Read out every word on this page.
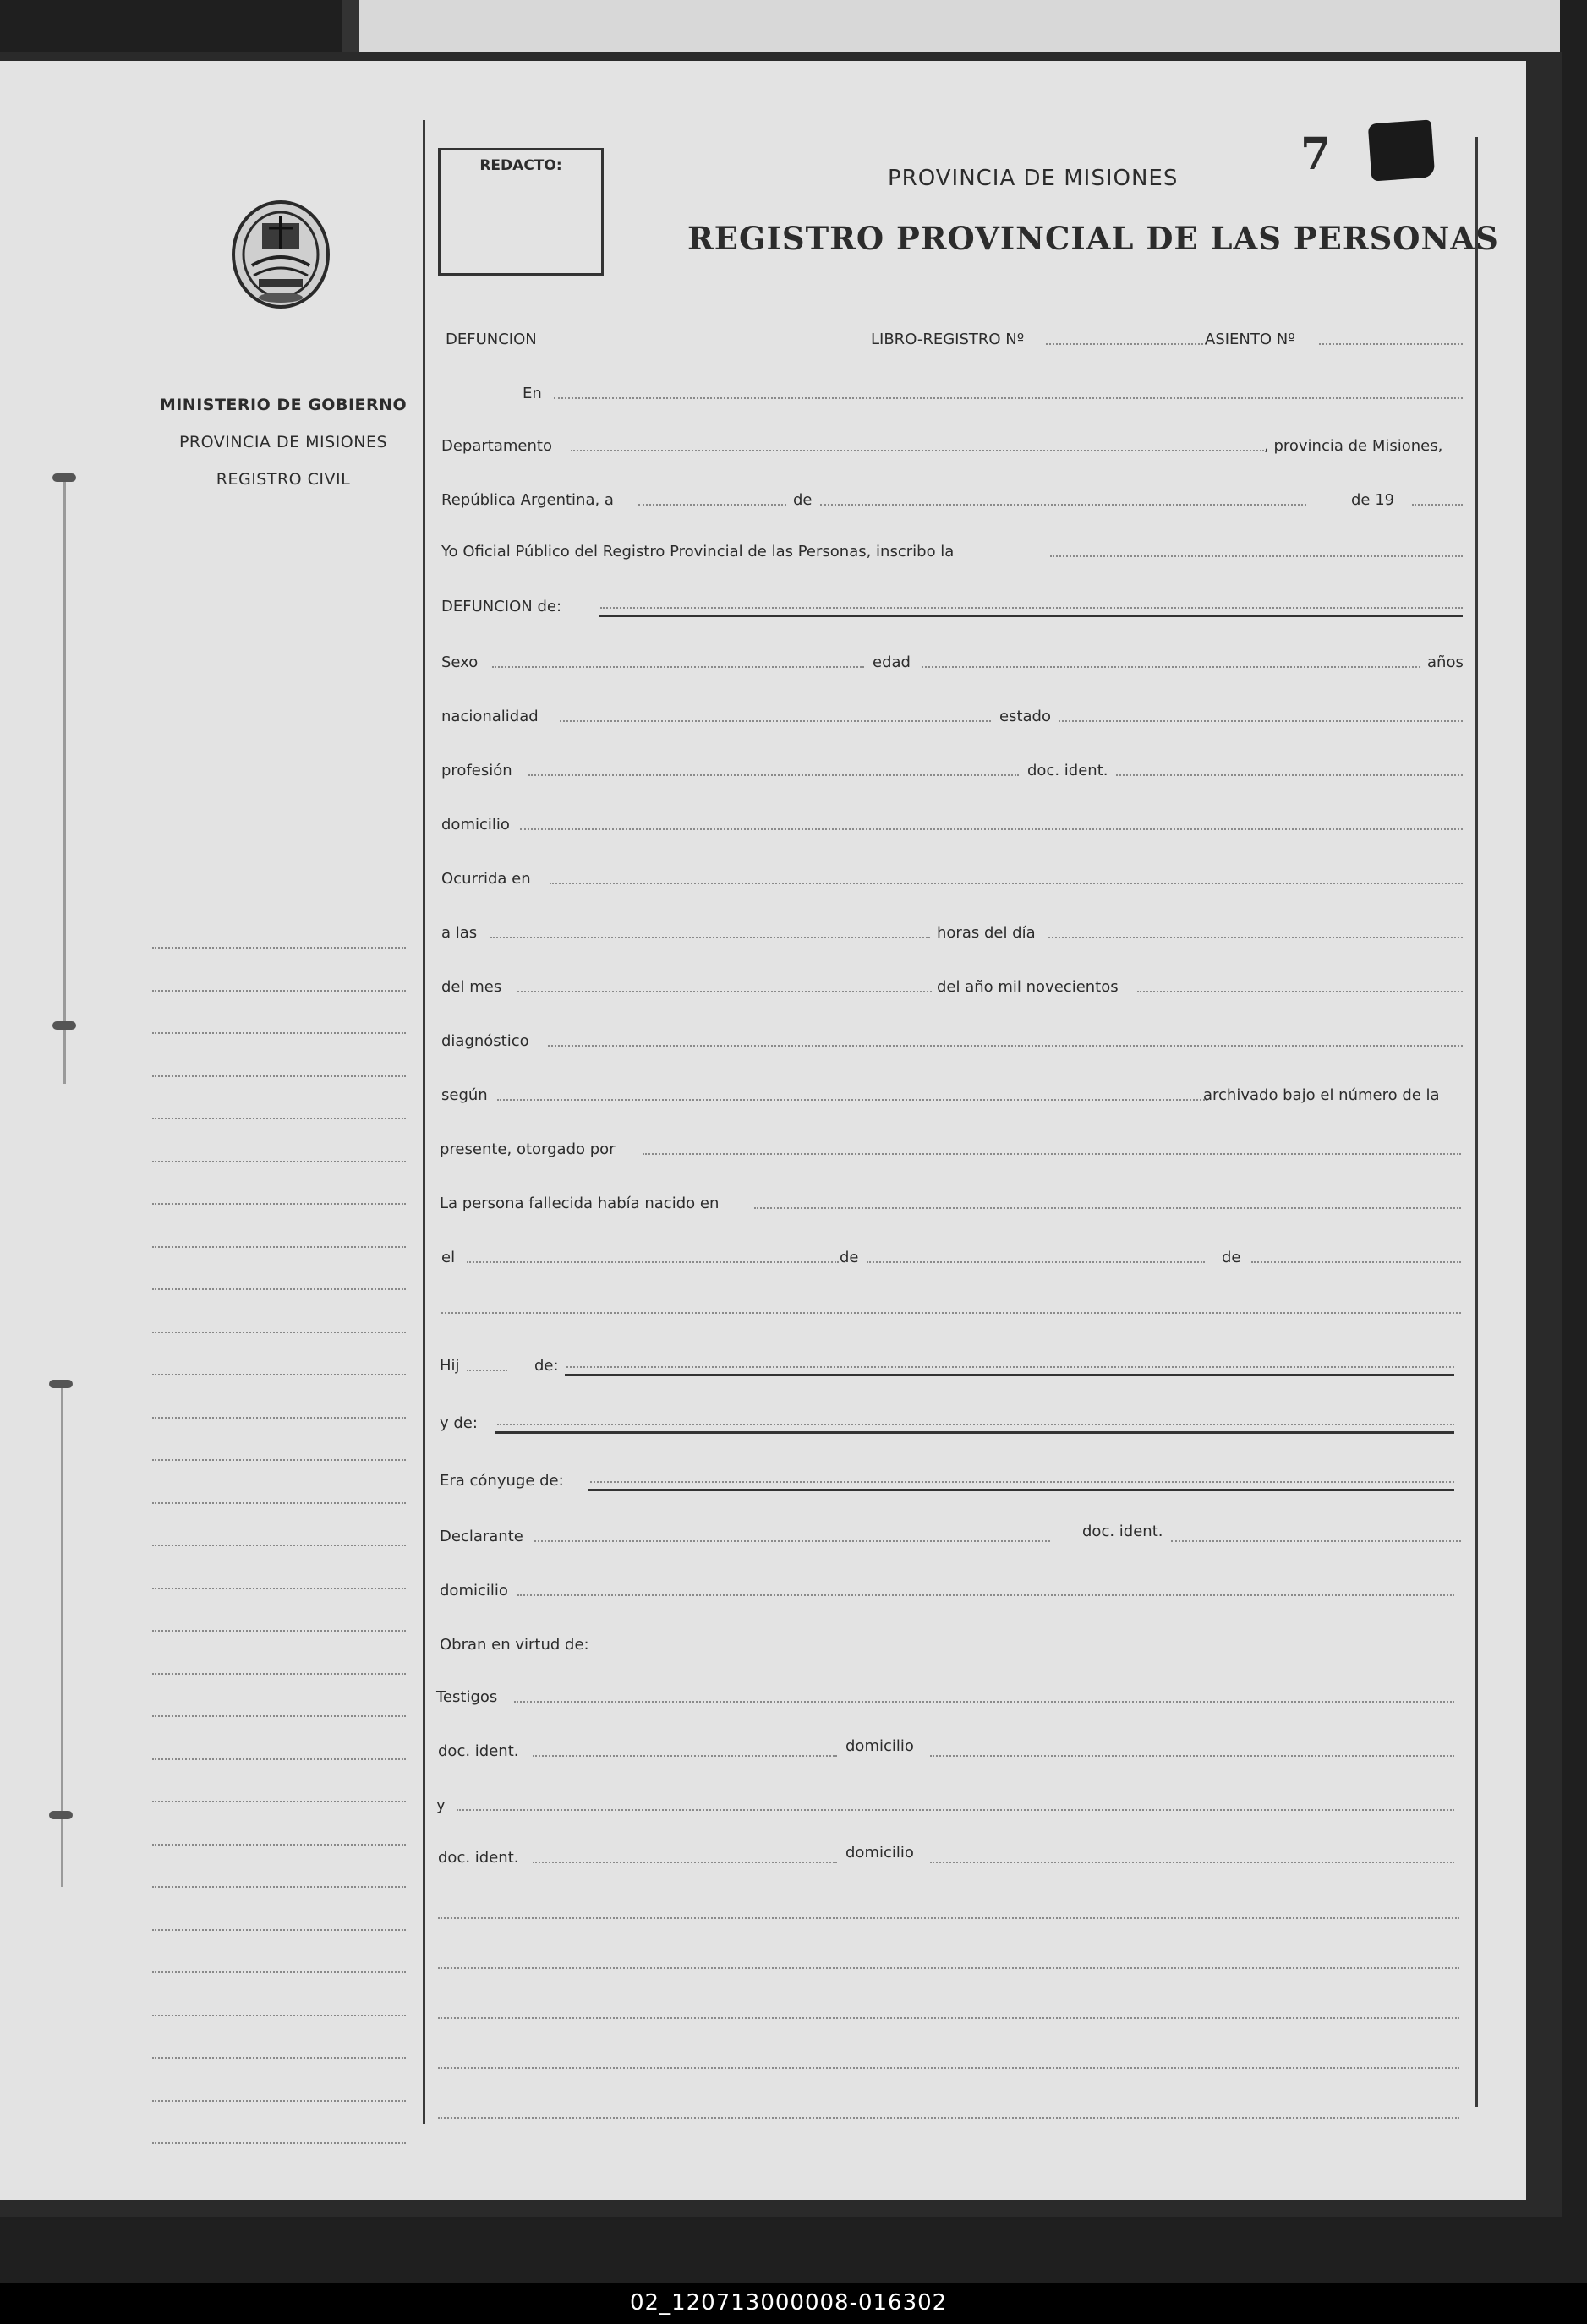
MINISTERIO DE GOBIERNO
PROVINCIA DE MISIONES
REGISTRO CIVIL
REDACTO:	PROVINCIA DE MISIONES
REGISTRO PROVINCIAL DE LAS PERSONAS
7
DEFUNCION	LIBRO-REGISTRO Nº	ASIENTO Nº
En
Departamento	, provincia de Misiones,
República Argentina, a	de	de 19
Yo Oficial Público del Registro Provincial de las Personas, inscribo la
DEFUNCION de:
Sexo	edad	años
nacionalidad	estado
profesión	doc. ident.
domicilio
Ocurrida en
a las	horas del día
del mes	del año mil novecientos
diagnóstico
según	archivado bajo el número de la
presente, otorgado por
La persona fallecida había nacido en
el	de	de
Hij	de:
y de:
Era cónyuge de:
Declarante	doc. ident.
domicilio
Obran en virtud de:
Testigos
doc. ident.	domicilio
y
doc. ident.	domicilio
02_120713000008-016302
